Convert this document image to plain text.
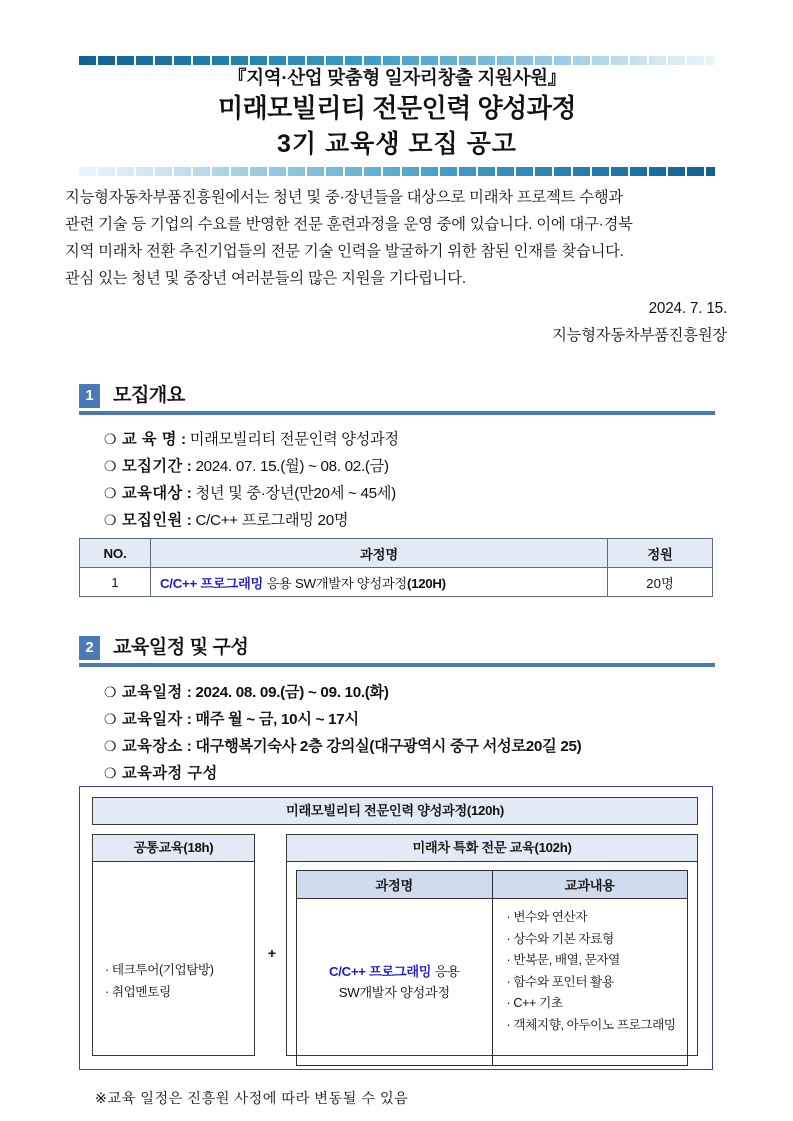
『지역·산업 맞춤형 일자리창출 지원사원』
미래모빌리티 전문인력 양성과정
3기 교육생 모집 공고

지능형자동차부품진흥원에서는 청년 및 중·장년들을 대상으로 미래차 프로젝트 수행과

관련 기술 등 기업의 수요를 반영한 전문 훈련과정을 운영 중에 있습니다. 이에 대구·경북

지역 미래차 전환 추진기업들의 전문 기술 인력을 발굴하기 위한 참된 인재를 찾습니다.

관심 있는 청년 및 중장년 여러분들의 많은 지원을 기다립니다.

2024. 7. 15.
지능형자동차부품진흥원장
1	모집개요
❍ 교 육 명 : 미래모빌리티 전문인력 양성과정
❍ 모집기간 : 2024. 07. 15.(월) ~ 08. 02.(금)
❍ 교육대상 : 청년 및 중·장년(만20세 ~ 45세)
❍ 모집인원 : C/C++ 프로그래밍 20명
NO.	과정명	정원
1	C/C++ 프로그래밍 응용 SW개발자 양성과정(120H)	20명
2	교육일정 및 구성
❍ 교육일정 : 2024. 08. 09.(금) ~ 09. 10.(화)
❍ 교육일자 : 매주 월 ~ 금, 10시 ~ 17시
❍ 교육장소 : 대구행복기숙사 2층 강의실(대구광역시 중구 서성로20길 25)
❍ 교육과정 구성
미래모빌리티 전문인력 양성과정(120h)
공통교육(18h)
· 테크투어(기업탐방)
· 취업멘토링
+
미래차 특화 전문 교육(102h)
과정명	교과내용
C/C++ 프로그래밍 응용
SW개발자 양성과정	
· 변수와 연산자
· 상수와 기본 자료형
· 반복문, 배열, 문자열
· 함수와 포인터 활용
· C++ 기초
· 객체지향, 아두이노 프로그래밍
※교육 일정은 진흥원 사정에 따라 변동될 수 있음
